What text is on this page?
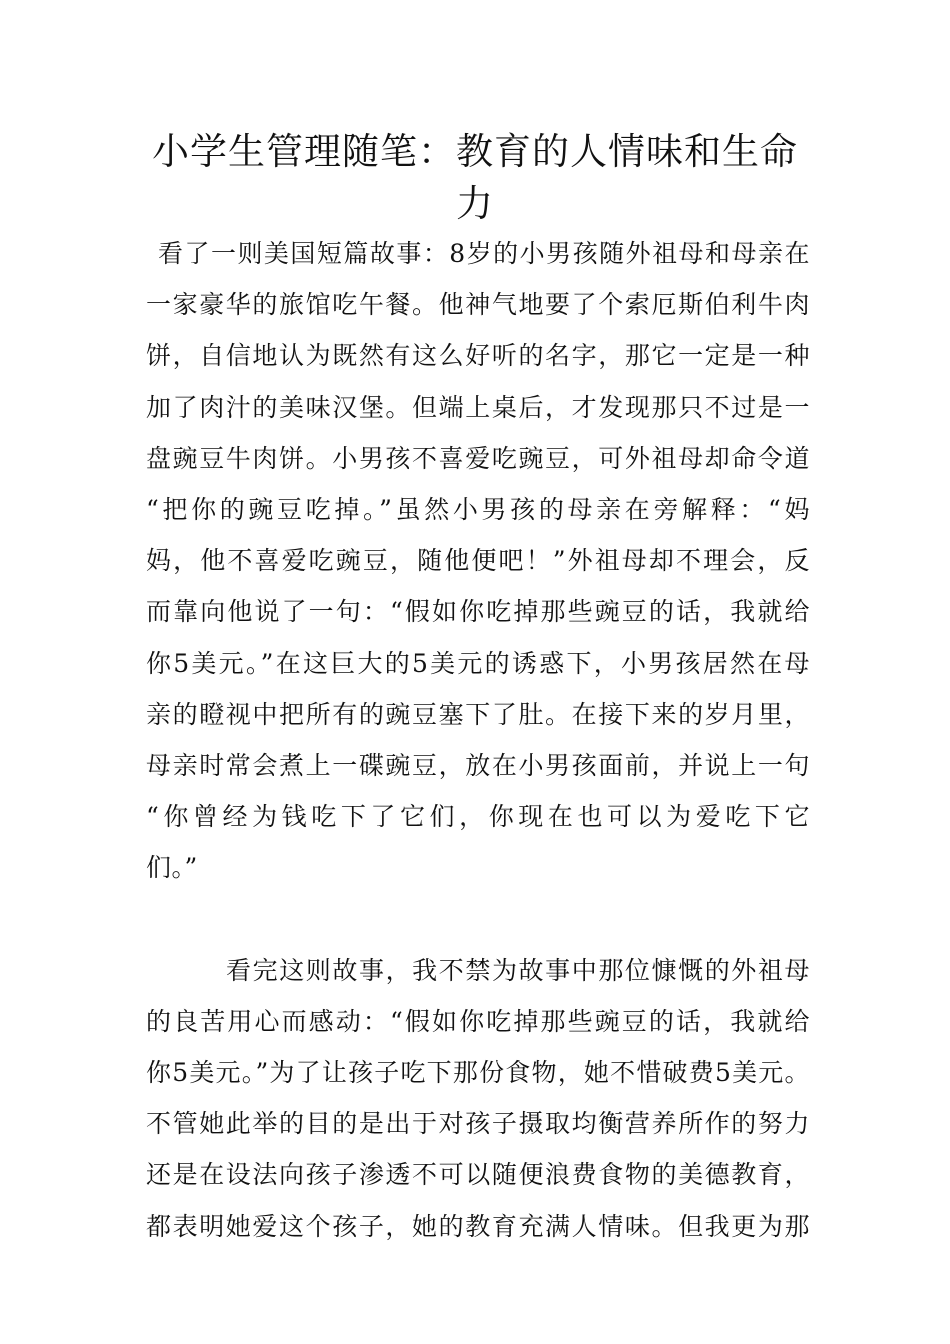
小学生管理随笔：教育的人情味和生命
力
看了一则美国短篇故事：8岁的小男孩随外祖母和母亲在
一家豪华的旅馆吃午餐。他神气地要了个索厄斯伯利牛肉
饼，自信地认为既然有这么好听的名字，那它一定是一种
加了肉汁的美味汉堡。但端上桌后，才发现那只不过是一
盘豌豆牛肉饼。小男孩不喜爱吃豌豆，可外祖母却命令道
“把你的豌豆吃掉。”虽然小男孩的母亲在旁解释：“妈
妈，他不喜爱吃豌豆，随他便吧！”外祖母却不理会，反
而靠向他说了一句：“假如你吃掉那些豌豆的话，我就给
你5美元。”在这巨大的5美元的诱惑下，小男孩居然在母
亲的瞪视中把所有的豌豆塞下了肚。在接下来的岁月里，
母亲时常会煮上一碟豌豆，放在小男孩面前，并说上一句
“你曾经为钱吃下了它们，你现在也可以为爱吃下它
们。”
看完这则故事，我不禁为故事中那位慷慨的外祖母
的良苦用心而感动：“假如你吃掉那些豌豆的话，我就给
你5美元。”为了让孩子吃下那份食物，她不惜破费5美元。
不管她此举的目的是出于对孩子摄取均衡营养所作的努力
还是在设法向孩子渗透不可以随便浪费食物的美德教育，
都表明她爱这个孩子，她的教育充满人情味。但我更为那
